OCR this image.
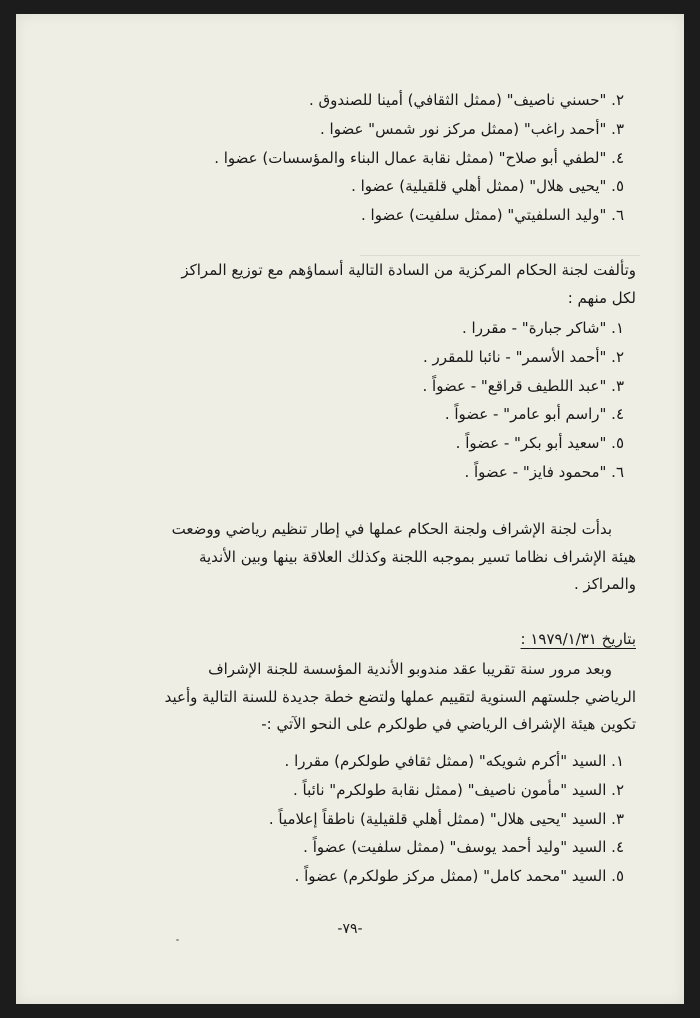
٢. "حسني ناصيف" (ممثل الثقافي) أمينا للصندوق .
٣. "أحمد راغب" (ممثل مركز نور شمس" عضوا .
٤. "لطفي أبو صلاح" (ممثل نقابة عمال البناء والمؤسسات) عضوا .
٥. "يحيى هلال" (ممثل أهلي قلقيلية) عضوا .
٦. "وليد السلفيتي" (ممثل سلفيت) عضوا .
وتألفت لجنة الحكام المركزية من السادة التالية أسماؤهم مع توزيع المراكز
لكل منهم :
١. "شاكر جبارة" - مقررا .
٢. "أحمد الأسمر" - نائبا للمقرر .
٣. "عبد اللطيف قراقع" - عضواً .
٤. "راسم أبو عامر" - عضواً .
٥. "سعيد أبو بكر" - عضواً .
٦. "محمود فايز" - عضواً .
بدأت لجنة الإشراف ولجنة الحكام عملها في إطار تنظيم رياضي ووضعت
هيئة الإشراف نظاما تسير بموجبه اللجنة وكذلك العلاقة بينها وبين الأندية
والمراكز .
بتاريخ ١٩٧٩/١/٣١ :
وبعد مرور سنة تقريبا عقد مندوبو الأندية المؤسسة للجنة الإشراف
الرياضي جلستهم السنوية لتقييم عملها ولتضع خطة جديدة للسنة التالية وأعيد
تكوين هيئة الإشراف الرياضي في طولكرم على النحو الآتي :-
١. السيد "أكرم شويكه" (ممثل ثقافي طولكرم) مقررا .
٢. السيد "مأمون ناصيف" (ممثل نقابة طولكرم" نائباً .
٣. السيد "يحيى هلال" (ممثل أهلي قلقيلية) ناطقاً إعلامياً .
٤. السيد "وليد أحمد يوسف" (ممثل سلفيت) عضواً .
٥. السيد "محمد كامل" (ممثل مركز طولكرم) عضواً .
-٧٩-
